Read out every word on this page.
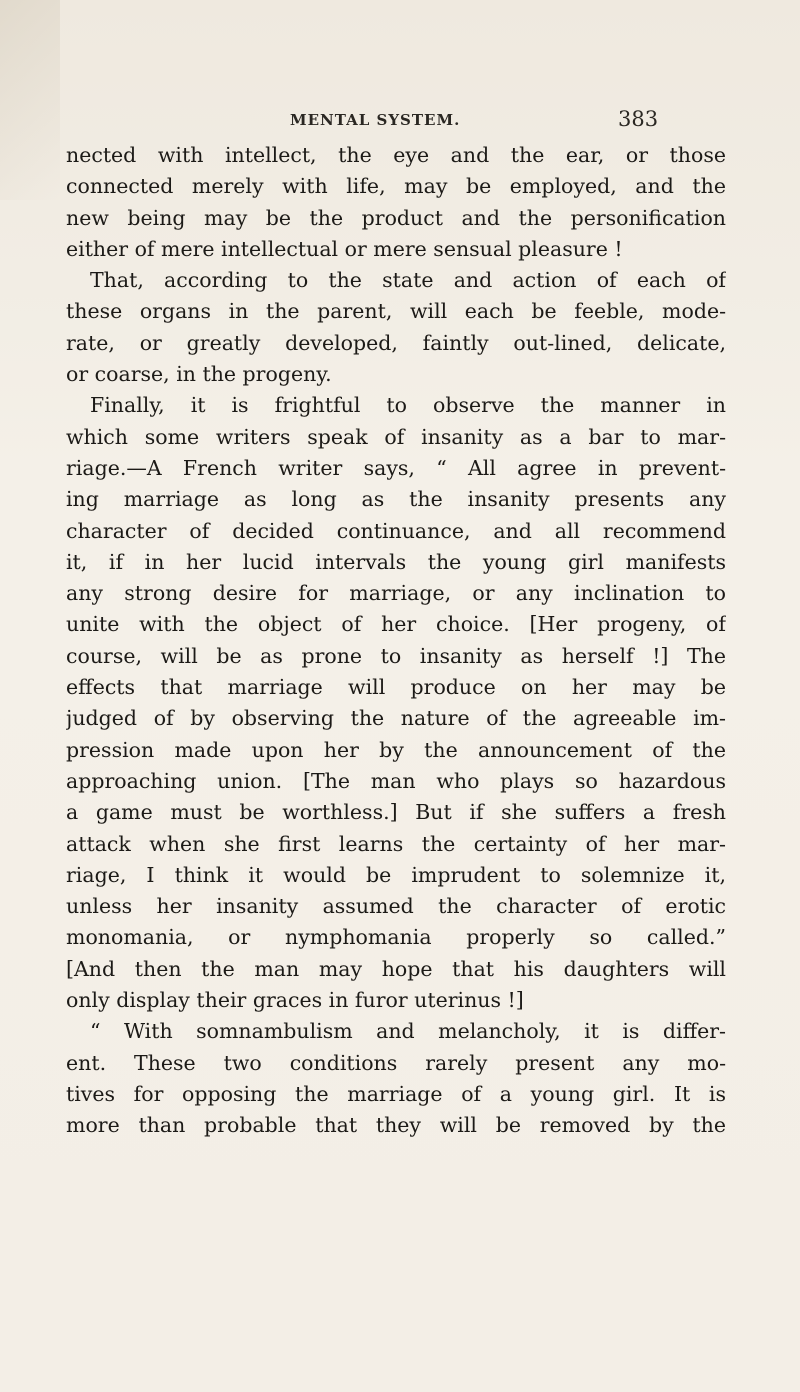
MENTAL SYSTEM.	383
nected with intellect, the eye and the ear, or those
connected merely with life, may be employed, and the
new being may be the product and the personification
either of mere intellectual or mere sensual pleasure !
That, according to the state and action of each of
these organs in the parent, will each be feeble, mode-
rate, or greatly developed, faintly out-lined, delicate,
or coarse, in the progeny.
Finally, it is frightful to observe the manner in
which some writers speak of insanity as a bar to mar-
riage.—A French writer says, “ All agree in prevent-
ing marriage as long as the insanity presents any
character of decided continuance, and all recommend
it, if in her lucid intervals the young girl manifests
any strong desire for marriage, or any inclination to
unite with the object of her choice. [Her progeny, of
course, will be as prone to insanity as herself !] The
effects that marriage will produce on her may be
judged of by observing the nature of the agreeable im-
pression made upon her by the announcement of the
approaching union. [The man who plays so hazardous
a game must be worthless.] But if she suffers a fresh
attack when she first learns the certainty of her mar-
riage, I think it would be imprudent to solemnize it,
unless her insanity assumed the character of erotic
monomania, or nymphomania properly so called.”
[And then the man may hope that his daughters will
only display their graces in furor uterinus !]
“ With somnambulism and melancholy, it is differ-
ent. These two conditions rarely present any mo-
tives for opposing the marriage of a young girl. It is
more than probable that they will be removed by the
